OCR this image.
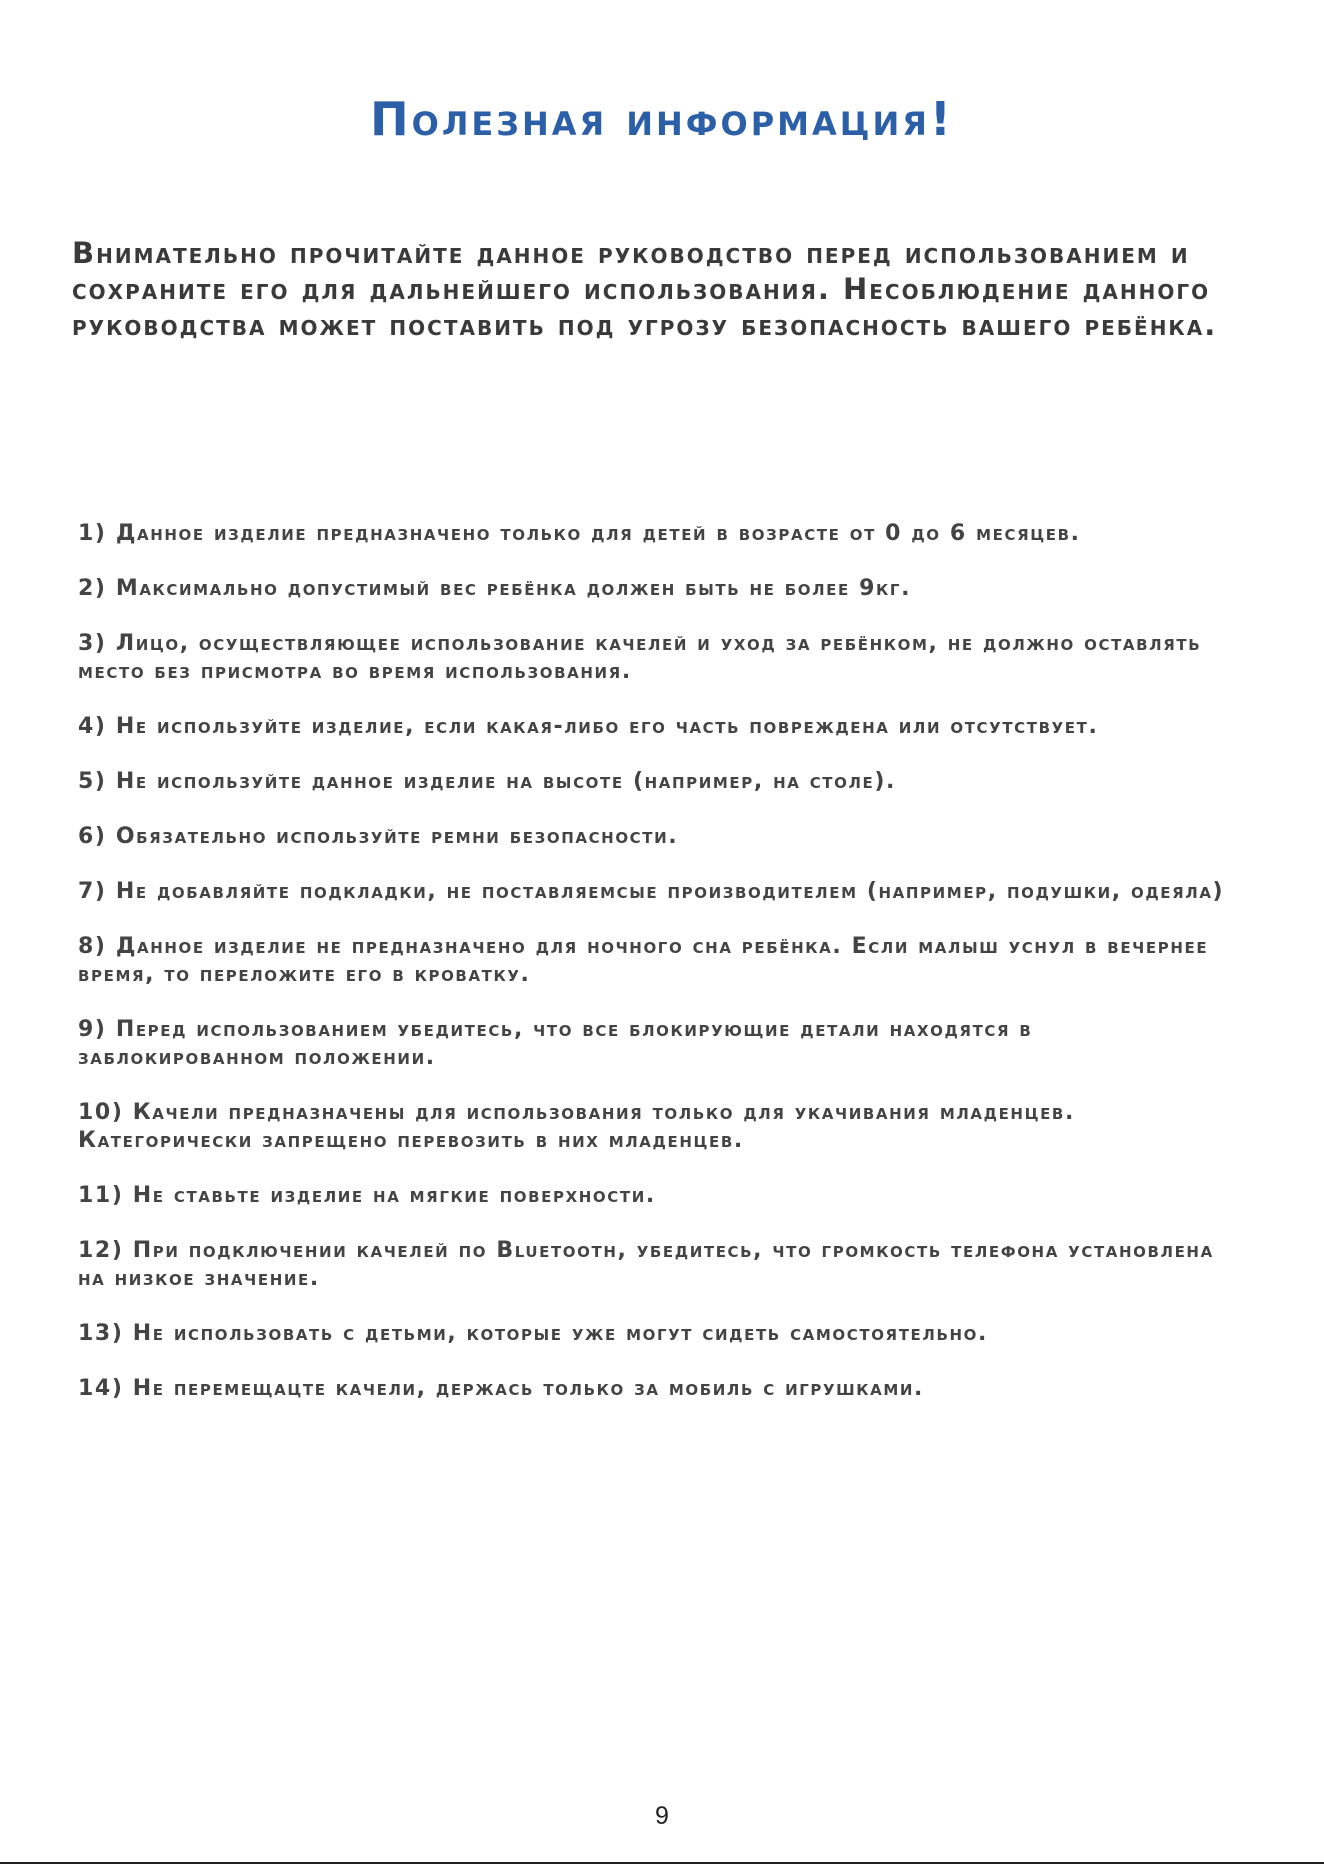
Полезная информация!

Внимательно прочитайте данное руководство перед использованием и сохраните его для дальнейшего использования. Несоблюдение данного руководства может поставить под угрозу безопасность вашего ребёнка.

1) Данное изделие предназначено только для детей в возрасте от 0 до 6 месяцев.
2) Максимально допустимый вес ребёнка должен быть не более 9кг.
3) Лицо, осуществляющее использование качелей и уход за ребёнком, не должно оставлять место без присмотра во время использования.
4) Не используйте изделие, если какая-либо его часть повреждена или отсутствует.
5) Не используйте данное изделие на высоте (например, на столе).
6) Обязательно используйте ремни безопасности.
7) Не добавляйте подкладки, не поставляемсые производителем (например, подушки, одеяла)
8) Данное изделие не предназначено для ночного сна ребёнка. Если малыш уснул в вечернее время, то переложите его в кроватку.
9) Перед использованием убедитесь, что все блокирующие детали находятся в заблокированном положении.
10) Качели предназначены для использования только для укачивания младенцев. Категорически запрещено перевозить в них младенцев.
11) Не ставьте изделие на мягкие поверхности.
12) При подключении качелей по Bluetooth, убедитесь, что громкость телефона установлена на низкое значение.
13) Не использовать с детьми, которые уже могут сидеть самостоятельно.
14) Не перемещацте качели, держась только за мобиль с игрушками.
9
